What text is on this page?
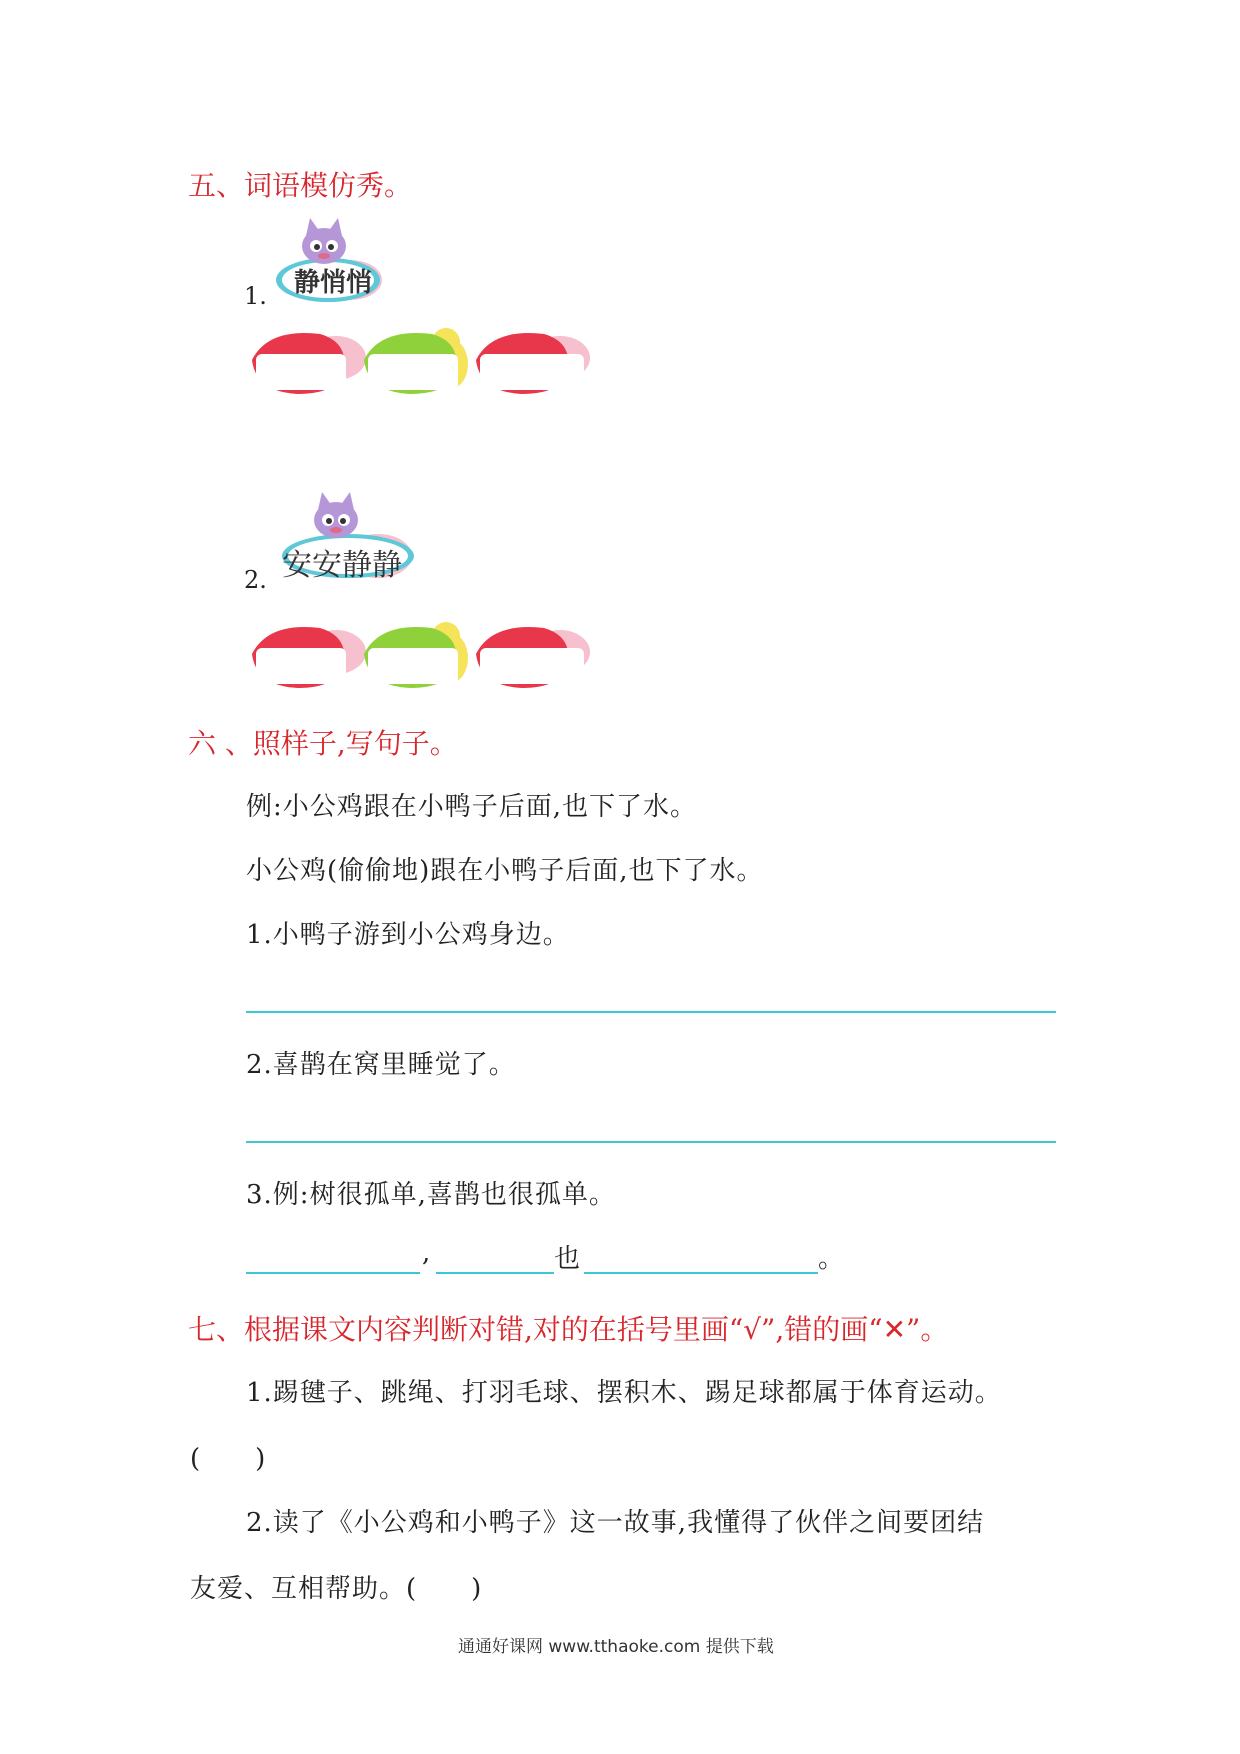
五、词语模仿秀。
1. 静悄悄
2. 安安静静
六 、照样子,写句子。
例:小公鸡跟在小鸭子后面,也下了水。
小公鸡(偷偷地)跟在小鸭子后面,也下了水。
1.小鸭子游到小公鸡身边。
2.喜鹊在窝里睡觉了。
3.例:树很孤单,喜鹊也很孤单。
,	也	。
七、根据课文内容判断对错,对的在括号里画“√”,错的画“✕”。
1.踢毽子、跳绳、打羽毛球、摆积木、踢足球都属于体育运动。
(　　)
2.读了《小公鸡和小鸭子》这一故事,我懂得了伙伴之间要团结
友爱、互相帮助。(　　)
通通好课网 www.tthaoke.com 提供下载
